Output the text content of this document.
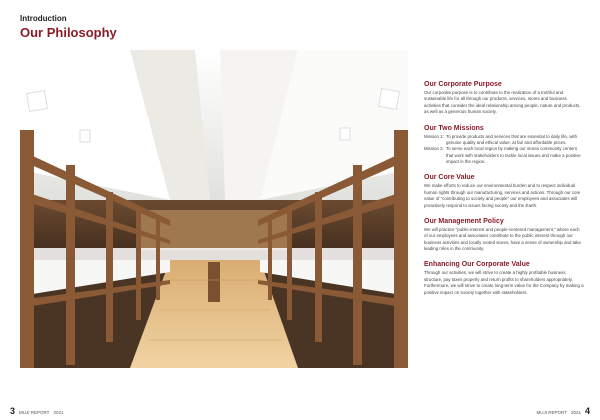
Introduction
Our Philosophy
Our Corporate Purpose

Our corporate purpose is to contribute to the realization of a truthful and sustainable life for all through our products, services, stores and business activities that consider the ideal relationship among people, nature and products, as well as a generous human society.

Our Two Missions
Mission 1: To provide products and services that are essential to daily life, with genuine quality and ethical value, at fair and affordable prices.
Mission 2: To serve each local region by making our stores community centers that work with stakeholders to tackle local issues and make a positive impact in the region.
Our Core Value

We make efforts to reduce our environmental burden and to respect individual human rights through our manufacturing, services and actions. Through our core value of "contributing to society and people" our employees and associates will proactively respond to issues facing society and the Earth.

Our Management Policy

We will practice "public-interest and people-centered management," where each of our employees and associates contribute to the public interest through our business activities and locally rooted stores, have a sense of ownership and take leading roles in the community.

Enhancing Our Corporate Value

Through our activities, we will strive to create a highly profitable business structure, pay taxes properly and return profits to shareholders appropriately. Furthermore, we will strive to create long-term value for the Company by making a positive impact on society together with stakeholders.

3 MUJI REPORT 2021	MUJI REPORT 2021 4
